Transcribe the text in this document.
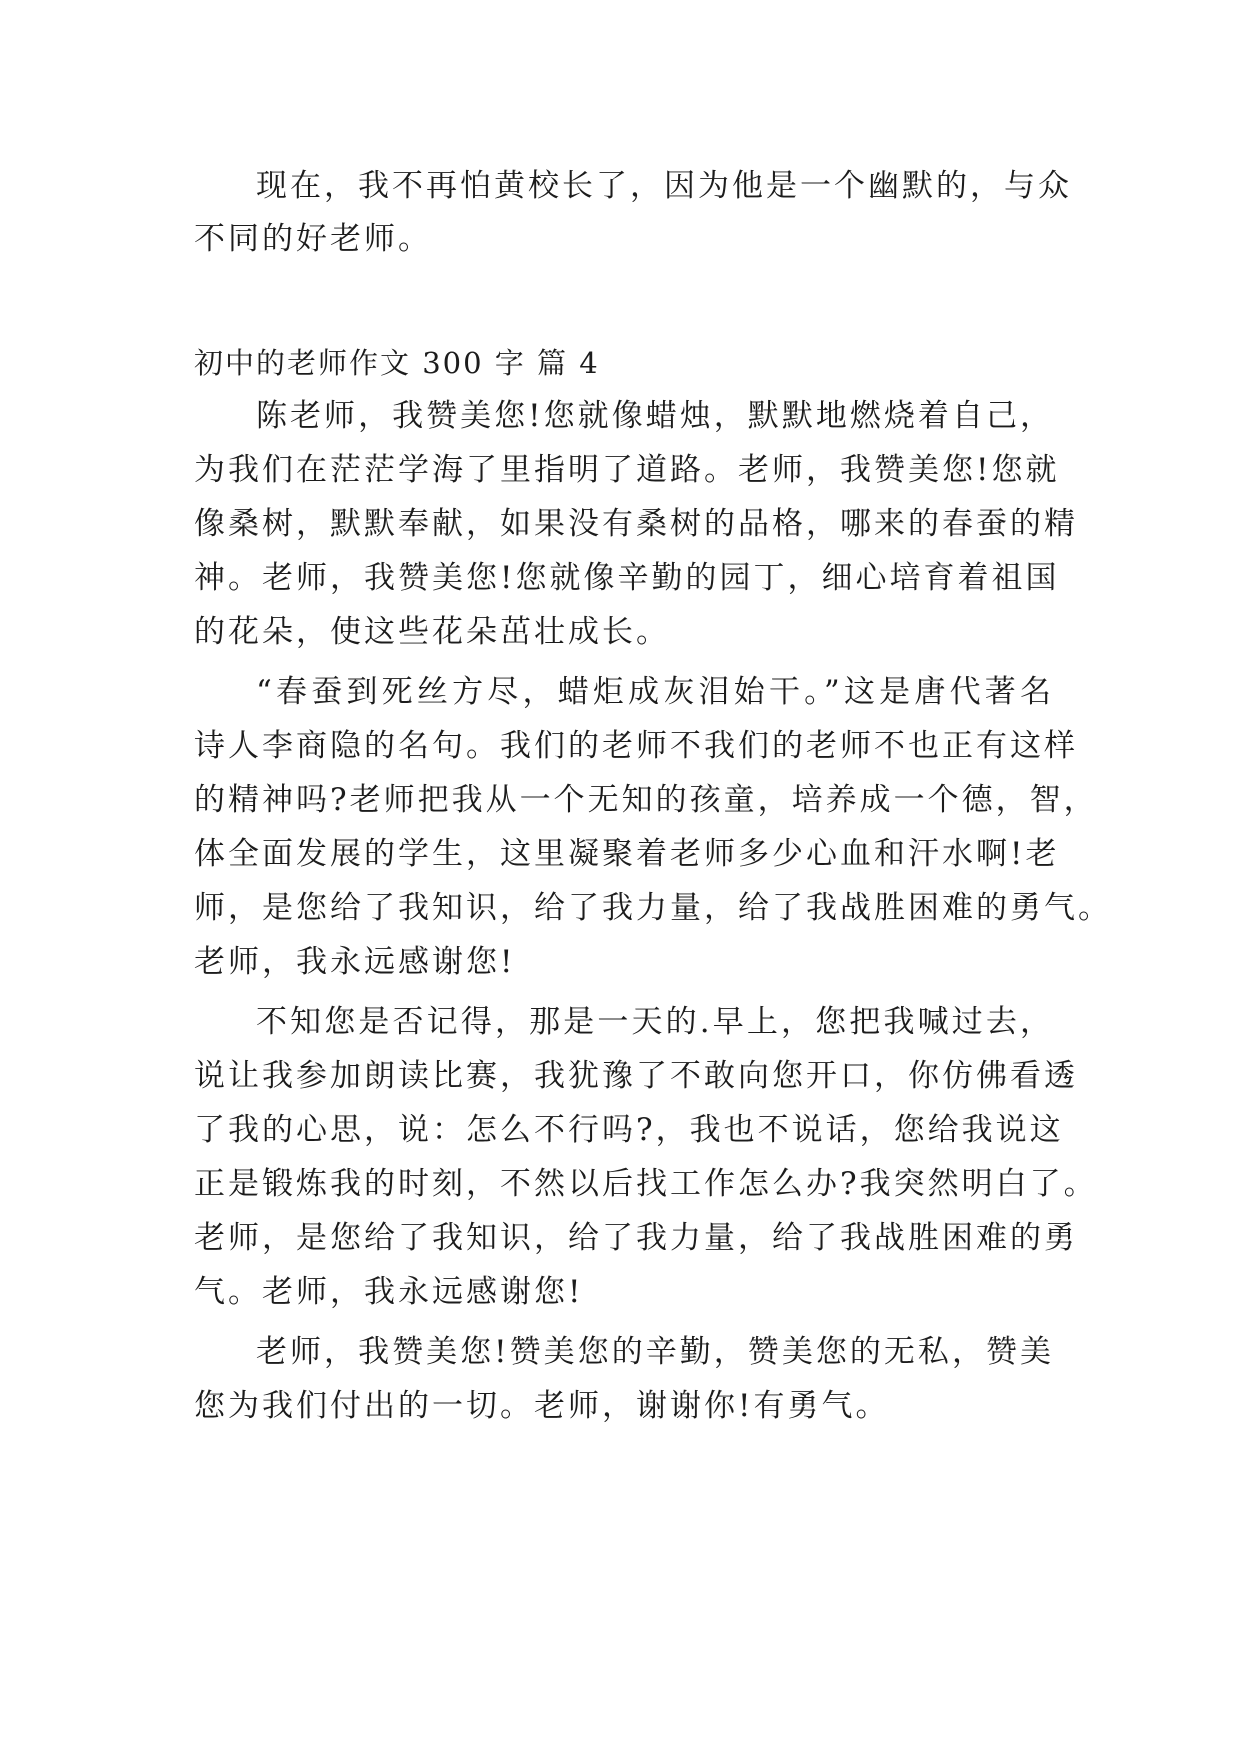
现在，我不再怕黄校长了，因为他是一个幽默的，与众

不同的好老师。

初中的老师作文 300 字 篇 4

陈老师，我赞美您!您就像蜡烛，默默地燃烧着自己，

为我们在茫茫学海了里指明了道路。老师，我赞美您!您就

像桑树，默默奉献，如果没有桑树的品格，哪来的春蚕的精

神。老师，我赞美您!您就像辛勤的园丁，细心培育着祖国

的花朵，使这些花朵茁壮成长。

“春蚕到死丝方尽，蜡炬成灰泪始干。”这是唐代著名

诗人李商隐的名句。我们的老师不我们的老师不也正有这样

的精神吗?老师把我从一个无知的孩童，培养成一个德，智，

体全面发展的学生，这里凝聚着老师多少心血和汗水啊!老

师，是您给了我知识，给了我力量，给了我战胜困难的勇气。

老师，我永远感谢您!

不知您是否记得，那是一天的.早上，您把我喊过去，

说让我参加朗读比赛，我犹豫了不敢向您开口，你仿佛看透

了我的心思，说：怎么不行吗?，我也不说话，您给我说这

正是锻炼我的时刻，不然以后找工作怎么办?我突然明白了。

老师，是您给了我知识，给了我力量，给了我战胜困难的勇

气。老师，我永远感谢您!

老师，我赞美您!赞美您的辛勤，赞美您的无私，赞美

您为我们付出的一切。老师，谢谢你!有勇气。
